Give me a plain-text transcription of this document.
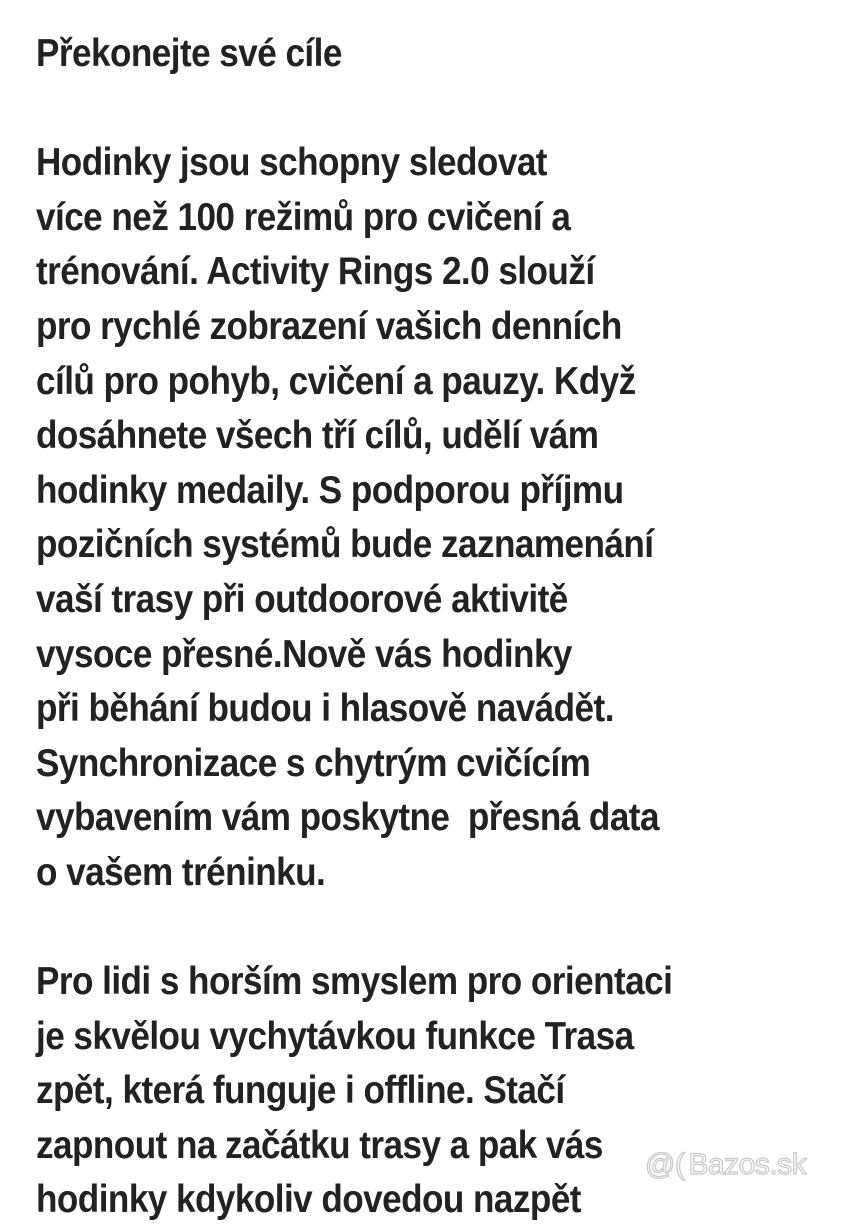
Překonejte své cíle
Hodinky jsou schopny sledovat
více než 100 režimů pro cvičení a
trénování. Activity Rings 2.0 slouží
pro rychlé zobrazení vašich denních
cílů pro pohyb, cvičení a pauzy. Když
dosáhnete všech tří cílů, udělí vám
hodinky medaily. S podporou příjmu
pozičních systémů bude zaznamenání
vaší trasy při outdoorové aktivitě
vysoce přesné.Nově vás hodinky
při běhání budou i hlasově navádět.
Synchronizace s chytrým cvičícím
vybavením vám poskytne  přesná data
o vašem tréninku.
Pro lidi s horším smyslem pro orientaci
je skvělou vychytávkou funkce Trasa
zpět, která funguje i offline. Stačí
zapnout na začátku trasy a pak vás
hodinky kdykoliv dovedou nazpět
@( Bazos.sk
